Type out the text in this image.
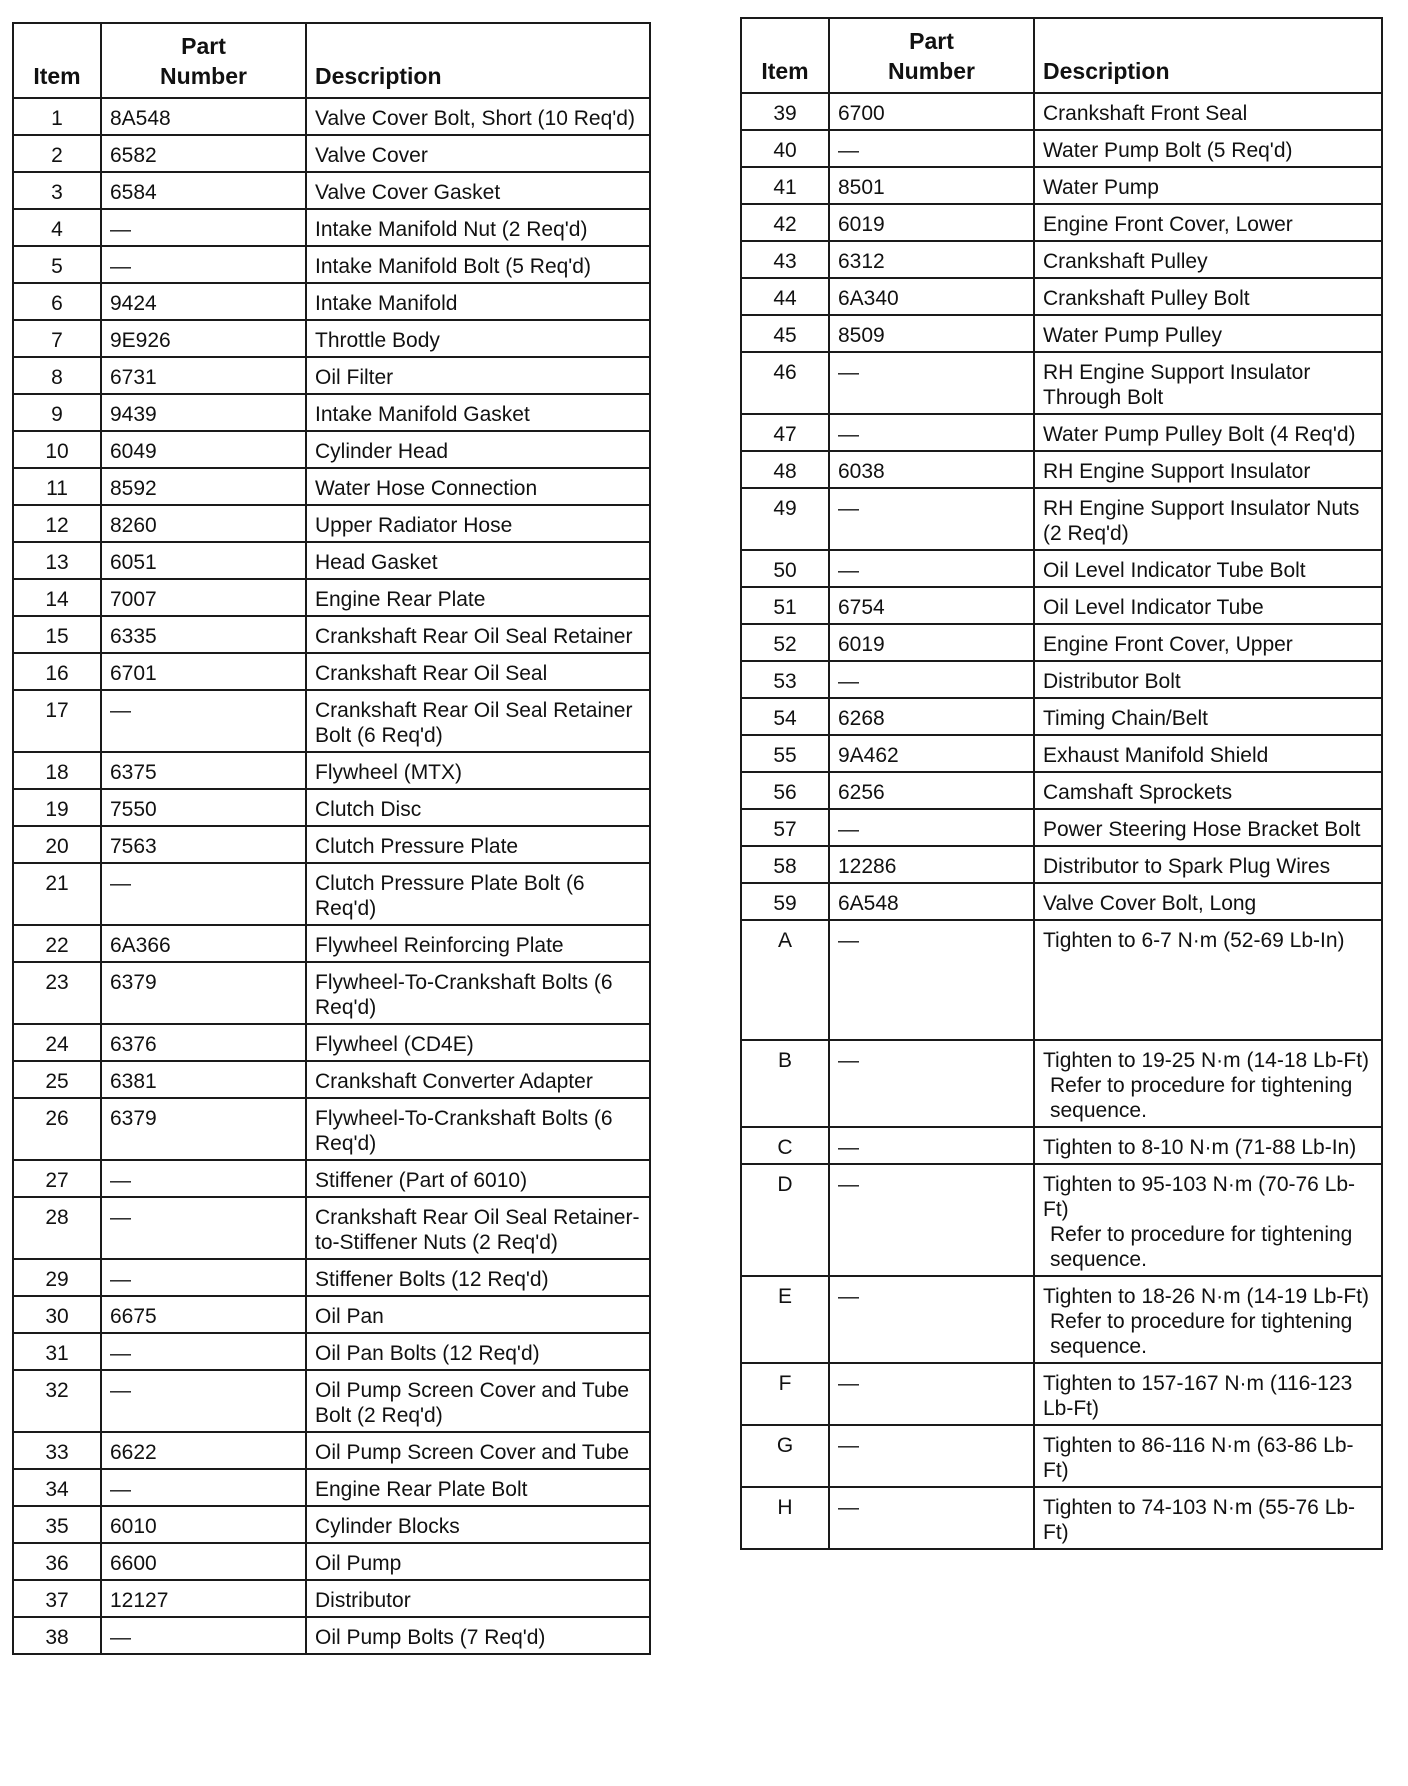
Item	Part
Number	Description
1	8A548	Valve Cover Bolt, Short (10 Req'd)

2	6582	Valve Cover

3	6584	Valve Cover Gasket

4	—	Intake Manifold Nut (2 Req'd)

5	—	Intake Manifold Bolt (5 Req'd)

6	9424	Intake Manifold

7	9E926	Throttle Body

8	6731	Oil Filter

9	9439	Intake Manifold Gasket

10	6049	Cylinder Head

11	8592	Water Hose Connection

12	8260	Upper Radiator Hose

13	6051	Head Gasket

14	7007	Engine Rear Plate

15	6335	Crankshaft Rear Oil Seal Retainer

16	6701	Crankshaft Rear Oil Seal

17	—	Crankshaft Rear Oil Seal Retainer Bolt (6 Req'd)

18	6375	Flywheel (MTX)

19	7550	Clutch Disc

20	7563	Clutch Pressure Plate

21	—	Clutch Pressure Plate Bolt (6 Req'd)

22	6A366	Flywheel Reinforcing Plate

23	6379	Flywheel-To-Crankshaft Bolts (6 Req'd)

24	6376	Flywheel (CD4E)

25	6381	Crankshaft Converter Adapter

26	6379	Flywheel-To-Crankshaft Bolts (6 Req'd)

27	—	Stiffener (Part of 6010)

28	—	Crankshaft Rear Oil Seal Retainer-to-Stiffener Nuts (2 Req'd)

29	—	Stiffener Bolts (12 Req'd)

30	6675	Oil Pan

31	—	Oil Pan Bolts (12 Req'd)

32	—	Oil Pump Screen Cover and Tube Bolt (2 Req'd)

33	6622	Oil Pump Screen Cover and Tube

34	—	Engine Rear Plate Bolt

35	6010	Cylinder Blocks

36	6600	Oil Pump

37	12127	Distributor

38	—	Oil Pump Bolts (7 Req'd)
Item	Part
Number	Description
39	6700	Crankshaft Front Seal

40	—	Water Pump Bolt (5 Req'd)

41	8501	Water Pump

42	6019	Engine Front Cover, Lower

43	6312	Crankshaft Pulley

44	6A340	Crankshaft Pulley Bolt

45	8509	Water Pump Pulley

46	—	RH Engine Support Insulator Through Bolt

47	—	Water Pump Pulley Bolt (4 Req'd)

48	6038	RH Engine Support Insulator

49	—	RH Engine Support Insulator Nuts (2 Req'd)

50	—	Oil Level Indicator Tube Bolt

51	6754	Oil Level Indicator Tube

52	6019	Engine Front Cover, Upper

53	—	Distributor Bolt

54	6268	Timing Chain/Belt

55	9A462	Exhaust Manifold Shield

56	6256	Camshaft Sprockets

57	—	Power Steering Hose Bracket Bolt

58	12286	Distributor to Spark Plug Wires

59	6A548	Valve Cover Bolt, Long

A	—	Tighten to 6-7 N·m (52-69 Lb-In)

B	—	Tighten to 19-25 N·m (14-18 Lb-Ft)
Refer to procedure for tightening sequence.

C	—	Tighten to 8-10 N·m (71-88 Lb-In)

D	—	Tighten to 95-103 N·m (70-76 Lb-Ft)
Refer to procedure for tightening sequence.

E	—	Tighten to 18-26 N·m (14-19 Lb-Ft)
Refer to procedure for tightening sequence.

F	—	Tighten to 157-167 N·m (116-123 Lb-Ft)

G	—	Tighten to 86-116 N·m (63-86 Lb-Ft)

H	—	Tighten to 74-103 N·m (55-76 Lb-Ft)
